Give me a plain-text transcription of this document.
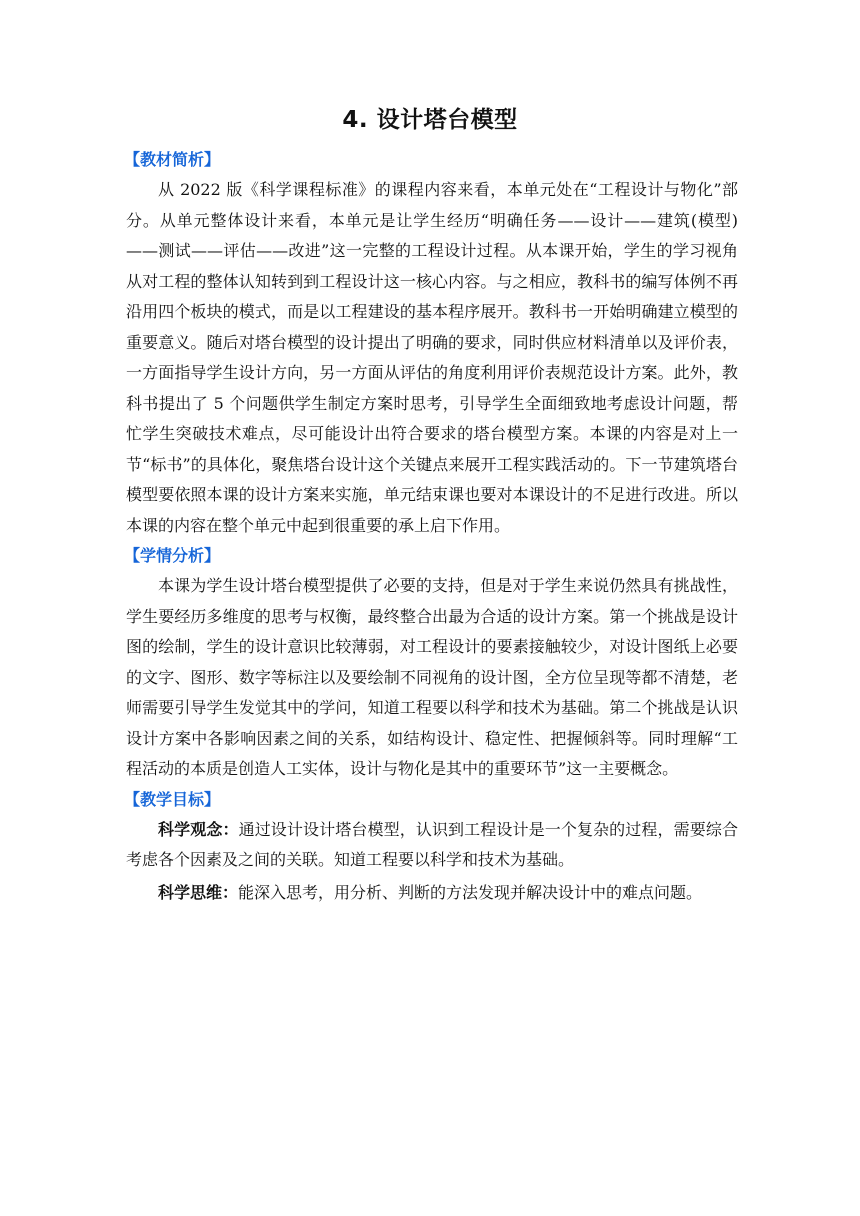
4. 设计塔台模型
【教材简析】

从 2022 版《科学课程标准》的课程内容来看，本单元处在“工程设计与物化”部分。从单元整体设计来看，本单元是让学生经历“明确任务——设计——建筑(模型)——测试——评估——改进”这一完整的工程设计过程。从本课开始，学生的学习视角从对工程的整体认知转到到工程设计这一核心内容。与之相应，教科书的编写体例不再沿用四个板块的模式，而是以工程建设的基本程序展开。教科书一开始明确建立模型的重要意义。随后对塔台模型的设计提出了明确的要求，同时供应材料清单以及评价表，一方面指导学生设计方向，另一方面从评估的角度利用评价表规范设计方案。此外，教科书提出了 5 个问题供学生制定方案时思考，引导学生全面细致地考虑设计问题，帮忙学生突破技术难点，尽可能设计出符合要求的塔台模型方案。本课的内容是对上一节“标书”的具体化，聚焦塔台设计这个关键点来展开工程实践活动的。下一节建筑塔台模型要依照本课的设计方案来实施，单元结束课也要对本课设计的不足进行改进。所以本课的内容在整个单元中起到很重要的承上启下作用。

【学情分析】

本课为学生设计塔台模型提供了必要的支持，但是对于学生来说仍然具有挑战性，学生要经历多维度的思考与权衡，最终整合出最为合适的设计方案。第一个挑战是设计图的绘制，学生的设计意识比较薄弱，对工程设计的要素接触较少，对设计图纸上必要的文字、图形、数字等标注以及要绘制不同视角的设计图，全方位呈现等都不清楚，老师需要引导学生发觉其中的学问，知道工程要以科学和技术为基础。第二个挑战是认识设计方案中各影响因素之间的关系，如结构设计、稳定性、把握倾斜等。同时理解“工程活动的本质是创造人工实体，设计与物化是其中的重要环节”这一主要概念。

【教学目标】

科学观念：通过设计设计塔台模型，认识到工程设计是一个复杂的过程，需要综合考虑各个因素及之间的关联。知道工程要以科学和技术为基础。

科学思维：能深入思考，用分析、判断的方法发现并解决设计中的难点问题。
